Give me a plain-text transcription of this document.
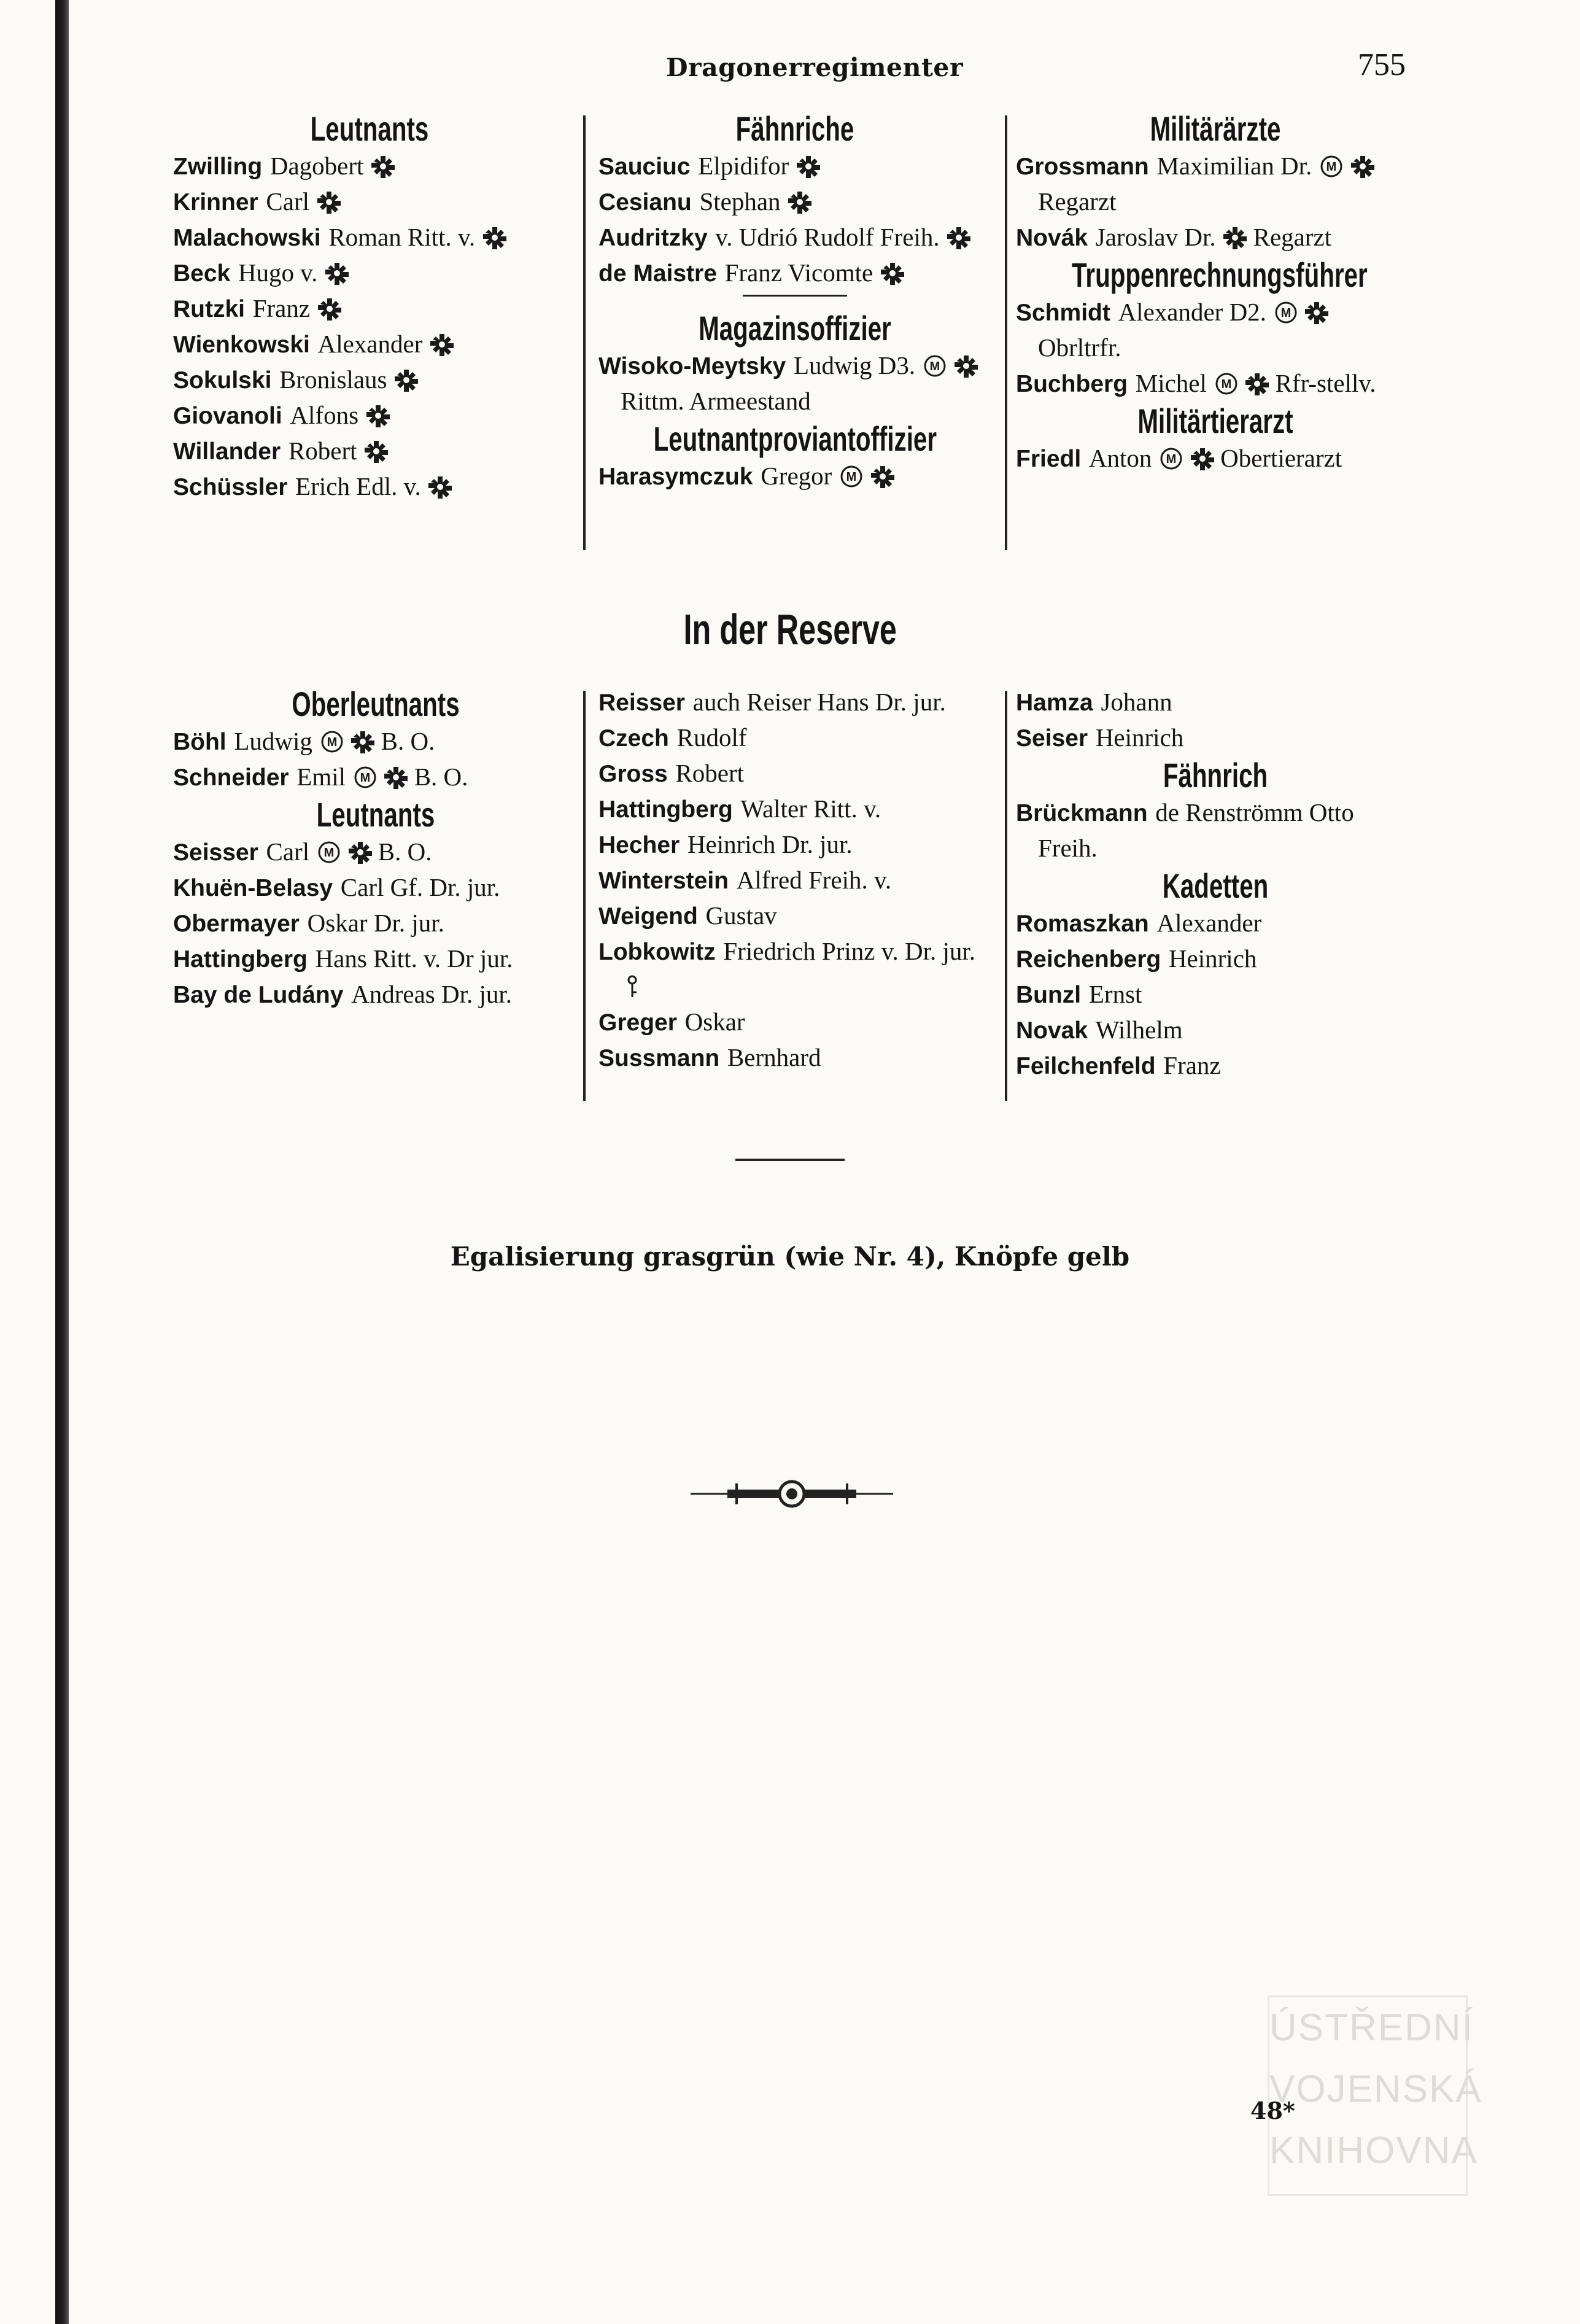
Dragonerregimenter	755
Leutnants
Zwilling Dagobert
Krinner Carl
Malachowski Roman Ritt. v.
Beck Hugo v.
Rutzki Franz
Wienkowski Alexander
Sokulski Bronislaus
Giovanoli Alfons
Willander Robert
Schüssler Erich Edl. v.
Fähnriche
Sauciuc Elpidifor
Cesianu Stephan
Audritzky v. Udrió Rudolf Freih.
de Maistre Franz Vicomte
Magazinsoffizier
Wisoko-Meytsky Ludwig D3. M
Rittm. Armeestand
Leutnantproviantoffizier
Harasymczuk Gregor M

Militärärzte
Grossmann Maximilian Dr. M
Regarzt
Novák Jaroslav Dr.  Regarzt
Truppenrechnungsführer
Schmidt Alexander D2. M
Obrltrfr.
Buchberg Michel M Rfr-stellv.
Militärtierarzt
Friedl Anton M Obertierarzt
In der Reserve
Oberleutnants
Böhl Ludwig M B. O.
Schneider Emil M B. O.
Leutnants
Seisser Carl M B. O.
Khuën-Belasy Carl Gf. Dr. jur.
Obermayer Oskar Dr. jur.
Hattingberg Hans Ritt. v. Dr jur.
Bay de Ludány Andreas Dr. jur.
Reisser auch Reiser Hans Dr. jur.
Czech Rudolf
Gross Robert
Hattingberg Walter Ritt. v.
Hecher Heinrich Dr. jur.
Winterstein Alfred Freih. v.
Weigend Gustav
Lobkowitz Friedrich Prinz v. Dr. jur.
Greger Oskar
Sussmann Bernhard
Hamza Johann
Seiser Heinrich
Fähnrich
Brückmann de Renströmm Otto Freih.
Kadetten
Romaszkan Alexander
Reichenberg Heinrich
Bunzl Ernst
Novak Wilhelm
Feilchenfeld Franz
Egalisierung grasgrün (wie Nr. 4), Knöpfe gelb
ÚSTŘEDNÍ
VOJENSKÁ
KNIHOVNA
48*
